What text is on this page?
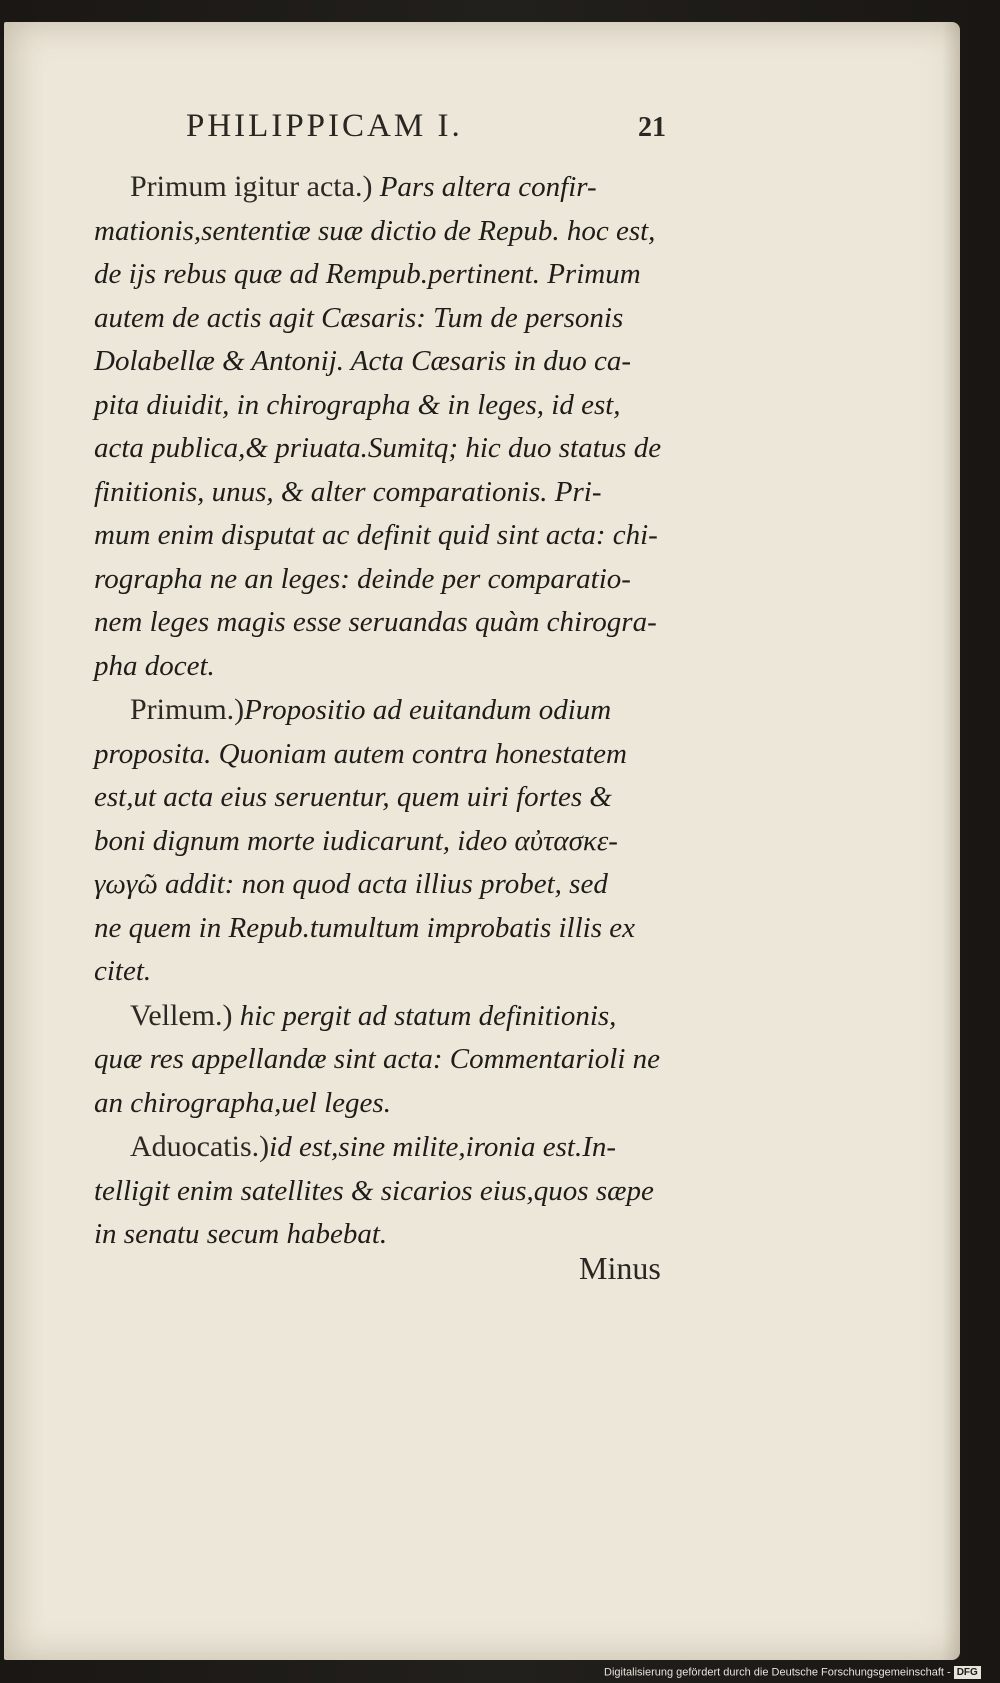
PHILIPPICAM I.	21
Primum igitur acta.) Pars altera confir-
mationis,sententiæ suæ dictio de Repub. hoc est,
de ijs rebus quæ ad Rempub.pertinent. Primum
autem de actis agit Cæsaris: Tum de personis
Dolabellæ & Antonij. Acta Cæsaris in duo ca-
pita diuidit, in chirographa & in leges, id est,
acta publica,& priuata.Sumitq; hic duo status de
finitionis, unus, & alter comparationis. Pri-
mum enim disputat ac definit quid sint acta: chi-
rographa ne an leges: deinde per comparatio-
nem leges magis esse seruandas quàm chirogra-
pha docet.
Primum.)Propositio ad euitandum odium
proposita. Quoniam autem contra honestatem
est,ut acta eius seruentur, quem uiri fortes &
boni dignum morte iudicarunt, ideo αὐτασκε-
γωγῶ addit: non quod acta illius probet, sed
ne quem in Repub.tumultum improbatis illis ex
citet.
Vellem.) hic pergit ad statum definitionis,
quæ res appellandæ sint acta: Commentarioli ne
an chirographa,uel leges.
Aduocatis.)id est,sine milite,ironia est.In-
telligit enim satellites & sicarios eius,quos sæpe
in senatu secum habebat.
Minus
Digitalisierung gefördert durch die Deutsche Forschungsgemeinschaft - DFG
